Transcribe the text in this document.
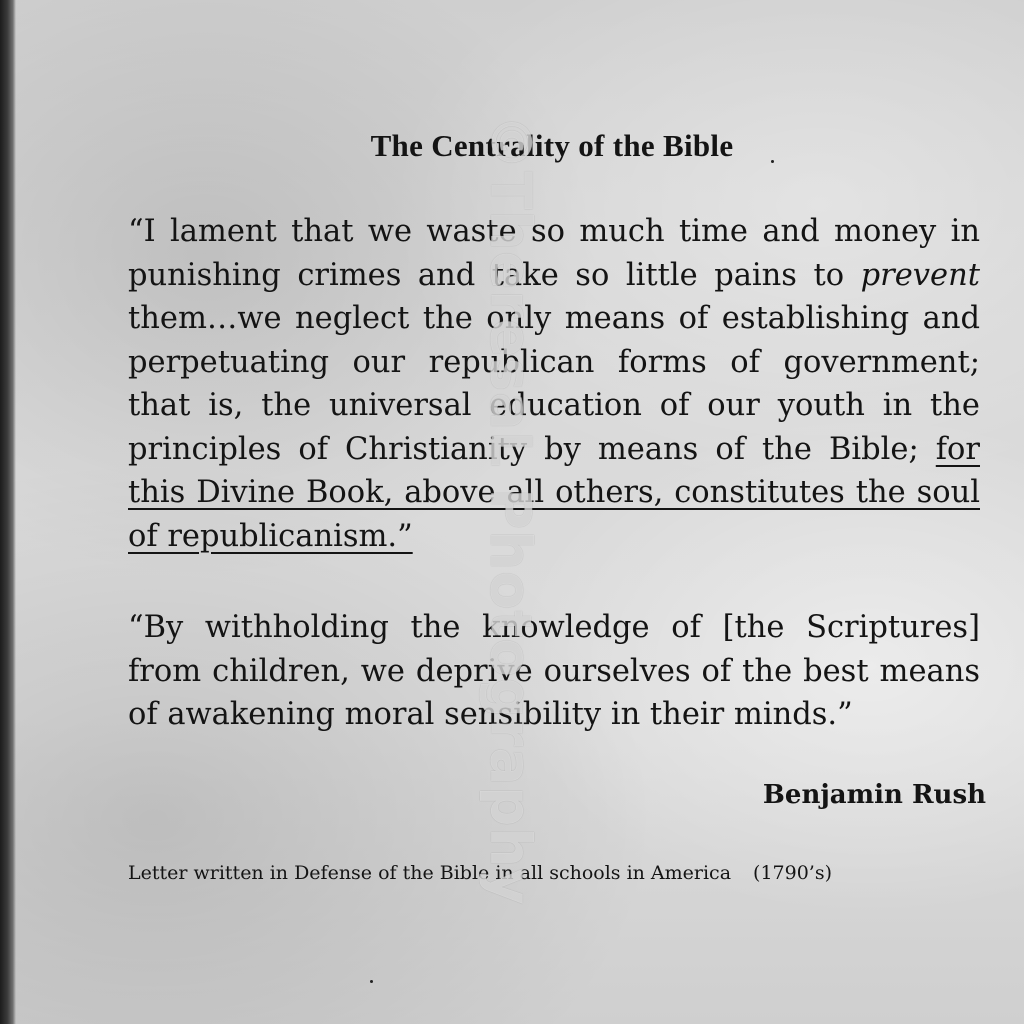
The Centrality of the Bible

“I lament that we waste so much time and money in punishing crimes and take so little pains to prevent them…we neglect the only means of establishing and perpetuating our republican forms of government; that is, the universal education of our youth in the principles of Christianity by means of the Bible; for this Divine Book, above all others, constitutes the soul of republicanism.”

“By withholding the knowledge of [the Scriptures] from children, we deprive ourselves of the best means of awakening moral sensibility in their minds.”

Benjamin Rush

Letter written in Defense of the Bible in all schools in America (1790’s)

©TheresaL Photography
